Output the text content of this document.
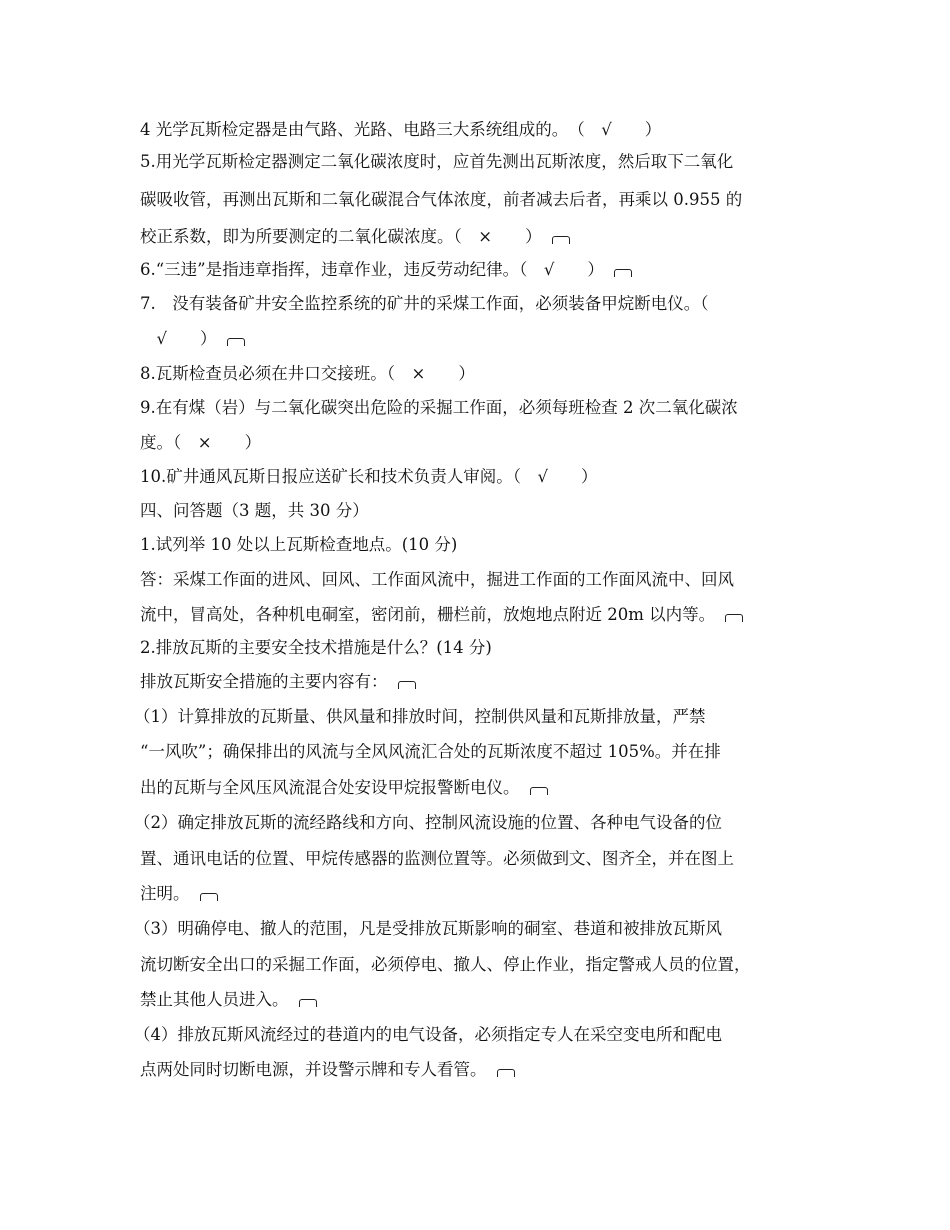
4 光学瓦斯检定器是由气路、光路、电路三大系统组成的。　（　√　　）

5.用光学瓦斯检定器测定二氧化碳浓度时，应首先测出瓦斯浓度，然后取下二氧化

碳吸收管，再测出瓦斯和二氧化碳混合气体浓度，前者减去后者，再乘以 0.955 的

校正系数，即为所要测定的二氧化碳浓度。（　×　　）

6.“三违”是指违章指挥，违章作业，违反劳动纪律。（　√　　）

7.　没有装备矿井安全监控系统的矿井的采煤工作面，必须装备甲烷断电仪。（

　√　　）

8.瓦斯检查员必须在井口交接班。（　×　　）

9.在有煤（岩）与二氧化碳突出危险的采掘工作面，必须每班检查 2 次二氧化碳浓

度。（　×　　）

10.矿井通风瓦斯日报应送矿长和技术负责人审阅。（　√　　）

四、问答题（3 题，共 30 分）

1.试列举 10 处以上瓦斯检查地点。(10 分)

答：采煤工作面的进风、回风、工作面风流中，掘进工作面的工作面风流中、回风

流中，冒高处，各种机电硐室，密闭前，栅栏前，放炮地点附近 20m 以内等。

2.排放瓦斯的主要安全技术措施是什么？(14 分)

排放瓦斯安全措施的主要内容有：

（1）计算排放的瓦斯量、供风量和排放时间，控制供风量和瓦斯排放量，严禁

“一风吹”；确保排出的风流与全风风流汇合处的瓦斯浓度不超过 105%。并在排

出的瓦斯与全风压风流混合处安设甲烷报警断电仪。

（2）确定排放瓦斯的流经路线和方向、控制风流设施的位置、各种电气设备的位

置、通讯电话的位置、甲烷传感器的监测位置等。必须做到文、图齐全，并在图上

注明。

（3）明确停电、撤人的范围，凡是受排放瓦斯影响的硐室、巷道和被排放瓦斯风

流切断安全出口的采掘工作面，必须停电、撤人、停止作业，指定警戒人员的位置，

禁止其他人员进入。

（4）排放瓦斯风流经过的巷道内的电气设备，必须指定专人在采空变电所和配电

点两处同时切断电源，并设警示牌和专人看管。
